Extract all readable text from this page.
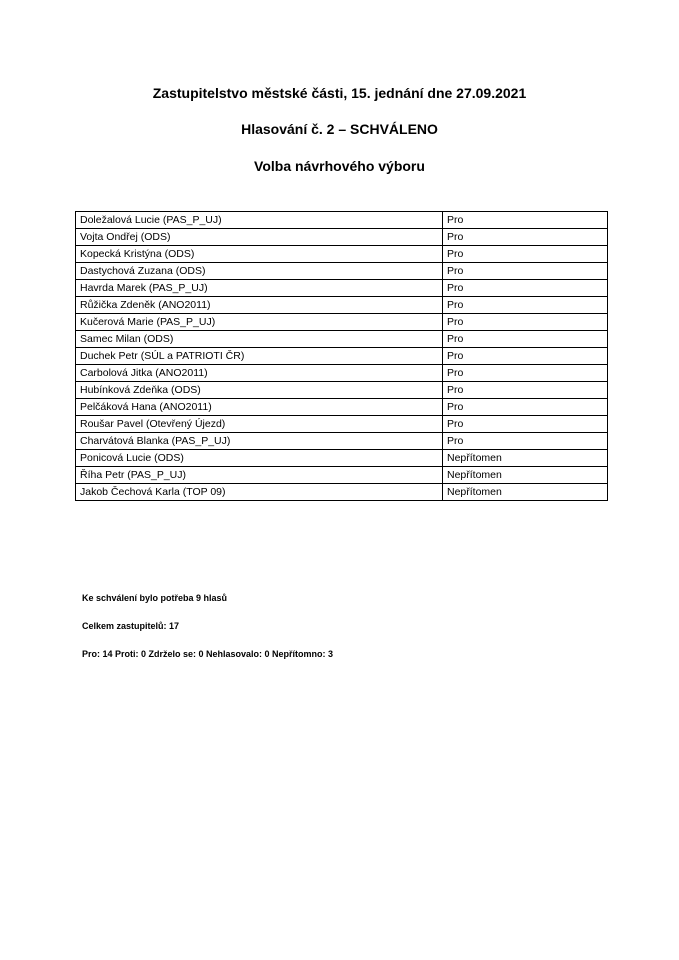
Zastupitelstvo městské části, 15. jednání dne 27.09.2021
Hlasování č. 2 – SCHVÁLENO
Volba návrhového výboru
Doležalová Lucie (PAS_P_UJ)	Pro
Vojta Ondřej (ODS)	Pro
Kopecká Kristýna (ODS)	Pro
Dastychová Zuzana (ODS)	Pro
Havrda Marek (PAS_P_UJ)	Pro
Růžička Zdeněk (ANO2011)	Pro
Kučerová Marie (PAS_P_UJ)	Pro
Samec Milan (ODS)	Pro
Duchek Petr (SÚL a PATRIOTI ČR)	Pro
Carbolová Jitka (ANO2011)	Pro
Hubínková Zdeňka (ODS)	Pro
Pelčáková Hana (ANO2011)	Pro
Roušar Pavel (Otevřený Újezd)	Pro
Charvátová Blanka (PAS_P_UJ)	Pro
Ponicová Lucie (ODS)	Nepřítomen
Říha Petr (PAS_P_UJ)	Nepřítomen
Jakob Čechová Karla (TOP 09)	Nepřítomen
Ke schválení bylo potřeba 9 hlasů
Celkem zastupitelů: 17
Pro: 14 Proti: 0 Zdrželo se: 0 Nehlasovalo: 0 Nepřítomno: 3
